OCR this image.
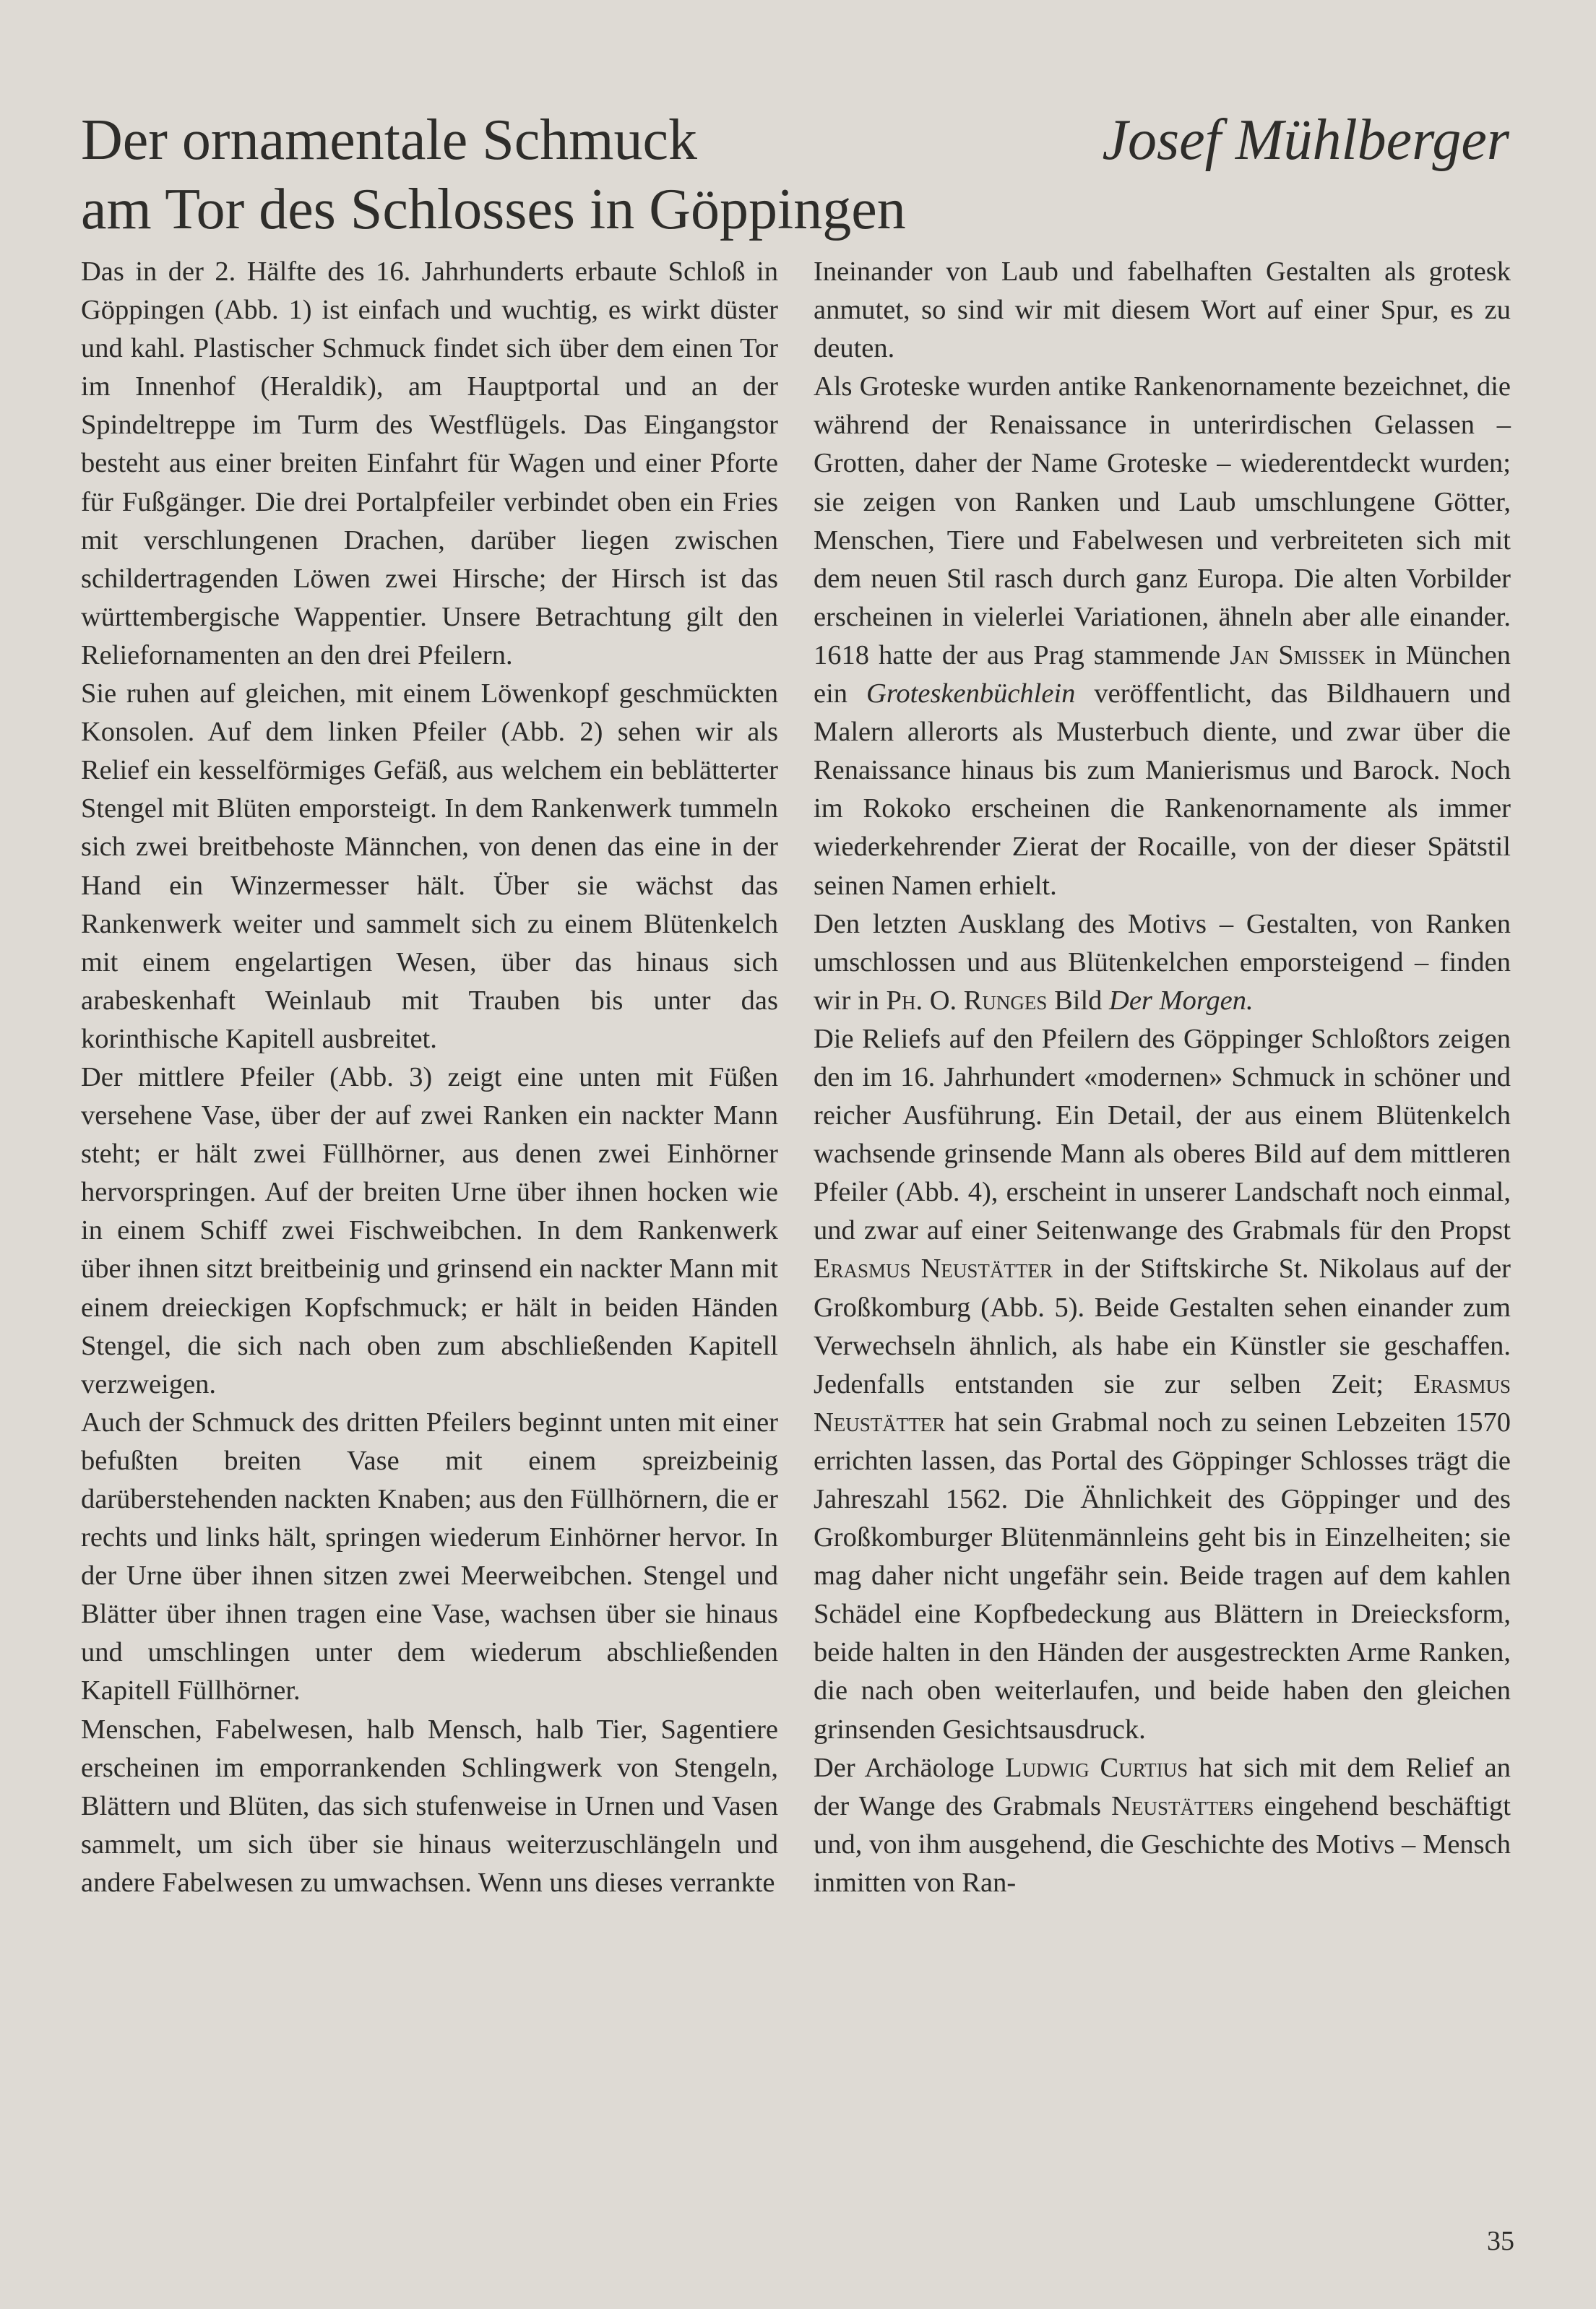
Der ornamentale Schmuck
am Tor des Schlosses in Göppingen
Josef Mühlberger

Das in der 2. Hälfte des 16. Jahrhunderts erbaute Schloß in Göppingen (Abb. 1) ist einfach und wuchtig, es wirkt düster und kahl. Plastischer Schmuck findet sich über dem einen Tor im Innenhof (Heraldik), am Hauptportal und an der Spindeltreppe im Turm des Westflügels. Das Eingangstor besteht aus einer breiten Einfahrt für Wagen und einer Pforte für Fußgänger. Die drei Portalpfeiler verbindet oben ein Fries mit verschlungenen Drachen, darüber liegen zwischen schildertragenden Löwen zwei Hirsche; der Hirsch ist das württembergische Wappentier. Unsere Betrachtung gilt den Reliefornamenten an den drei Pfeilern.

Sie ruhen auf gleichen, mit einem Löwenkopf geschmückten Konsolen. Auf dem linken Pfeiler (Abb. 2) sehen wir als Relief ein kesselförmiges Gefäß, aus welchem ein beblätterter Stengel mit Blüten emporsteigt. In dem Rankenwerk tummeln sich zwei breitbehoste Männchen, von denen das eine in der Hand ein Winzermesser hält. Über sie wächst das Rankenwerk weiter und sammelt sich zu einem Blütenkelch mit einem engelartigen Wesen, über das hinaus sich arabeskenhaft Weinlaub mit Trauben bis unter das korinthische Kapitell ausbreitet.

Der mittlere Pfeiler (Abb. 3) zeigt eine unten mit Füßen versehene Vase, über der auf zwei Ranken ein nackter Mann steht; er hält zwei Füllhörner, aus denen zwei Einhörner hervorspringen. Auf der breiten Urne über ihnen hocken wie in einem Schiff zwei Fischweibchen. In dem Rankenwerk über ihnen sitzt breitbeinig und grinsend ein nackter Mann mit einem dreieckigen Kopfschmuck; er hält in beiden Händen Stengel, die sich nach oben zum abschließenden Kapitell verzweigen.

Auch der Schmuck des dritten Pfeilers beginnt unten mit einer befußten breiten Vase mit einem spreizbeinig darüberstehenden nackten Knaben; aus den Füllhörnern, die er rechts und links hält, springen wiederum Einhörner hervor. In der Urne über ihnen sitzen zwei Meerweibchen. Stengel und Blätter über ihnen tragen eine Vase, wachsen über sie hinaus und umschlingen unter dem wiederum abschließenden Kapitell Füllhörner.

Menschen, Fabelwesen, halb Mensch, halb Tier, Sagentiere erscheinen im emporrankenden Schlingwerk von Stengeln, Blättern und Blüten, das sich stufenweise in Urnen und Vasen sammelt, um sich über sie hinaus weiterzuschlängeln und andere Fabelwesen zu umwachsen. Wenn uns dieses verrankte

Ineinander von Laub und fabelhaften Gestalten als grotesk anmutet, so sind wir mit diesem Wort auf einer Spur, es zu deuten.

Als Groteske wurden antike Rankenornamente bezeichnet, die während der Renaissance in unterirdischen Gelassen – Grotten, daher der Name Groteske – wiederentdeckt wurden; sie zeigen von Ranken und Laub umschlungene Götter, Menschen, Tiere und Fabelwesen und verbreiteten sich mit dem neuen Stil rasch durch ganz Europa. Die alten Vorbilder erscheinen in vielerlei Variationen, ähneln aber alle einander. 1618 hatte der aus Prag stammende Jan Smissek in München ein Groteskenbüchlein veröffentlicht, das Bildhauern und Malern allerorts als Musterbuch diente, und zwar über die Renaissance hinaus bis zum Manierismus und Barock. Noch im Rokoko erscheinen die Rankenornamente als immer wiederkehrender Zierat der Rocaille, von der dieser Spätstil seinen Namen erhielt.

Den letzten Ausklang des Motivs – Gestalten, von Ranken umschlossen und aus Blütenkelchen emporsteigend – finden wir in Ph. O. Runges Bild Der Morgen.

Die Reliefs auf den Pfeilern des Göppinger Schloßtors zeigen den im 16. Jahrhundert «modernen» Schmuck in schöner und reicher Ausführung. Ein Detail, der aus einem Blütenkelch wachsende grinsende Mann als oberes Bild auf dem mittleren Pfeiler (Abb. 4), erscheint in unserer Landschaft noch einmal, und zwar auf einer Seitenwange des Grabmals für den Propst Erasmus Neustätter in der Stiftskirche St. Nikolaus auf der Großkomburg (Abb. 5). Beide Gestalten sehen einander zum Verwechseln ähnlich, als habe ein Künstler sie geschaffen. Jedenfalls entstanden sie zur selben Zeit; Erasmus Neustätter hat sein Grabmal noch zu seinen Lebzeiten 1570 errichten lassen, das Portal des Göppinger Schlosses trägt die Jahreszahl 1562. Die Ähnlichkeit des Göppinger und des Großkomburger Blütenmännleins geht bis in Einzelheiten; sie mag daher nicht ungefähr sein. Beide tragen auf dem kahlen Schädel eine Kopfbedeckung aus Blättern in Dreiecksform, beide halten in den Händen der ausgestreckten Arme Ranken, die nach oben weiterlaufen, und beide haben den gleichen grinsenden Gesichtsausdruck.

Der Archäologe Ludwig Curtius hat sich mit dem Relief an der Wange des Grabmals Neustätters eingehend beschäftigt und, von ihm ausgehend, die Geschichte des Motivs – Mensch inmitten von Ran-

35
